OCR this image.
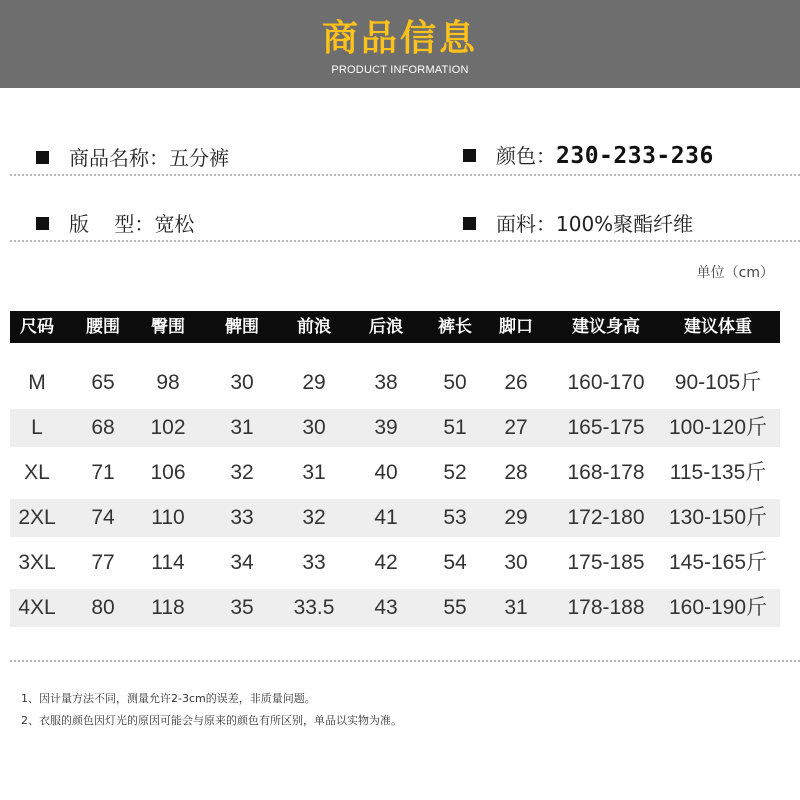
商品信息
PRODUCT INFORMATION
商品名称：五分裤	颜色：230-233-236
版    型：宽松	面料：100%聚酯纤维
单位（cm）
尺码 腰围 臀围 髀围 前浪 后浪 裤长 脚口 建议身高	建议体重
M 65 98 30 29 38 50 26 160-170 90-105斤
L 68 102 31 30 39 51 27 165-175 100-120斤
XL 71 106 32 31 40 52 28 168-178 115-135斤
2XL 74 110 33 32 41 53 29 172-180 130-150斤
3XL 77 114 34 33 42 54 30 175-185 145-165斤
4XL 80 118 35 33.5 43 55 31 178-188 160-190斤
1、因计量方法不同，测量允许2-3cm的误差，非质量问题。
2、衣服的颜色因灯光的原因可能会与原来的颜色有所区别，单品以实物为准。
